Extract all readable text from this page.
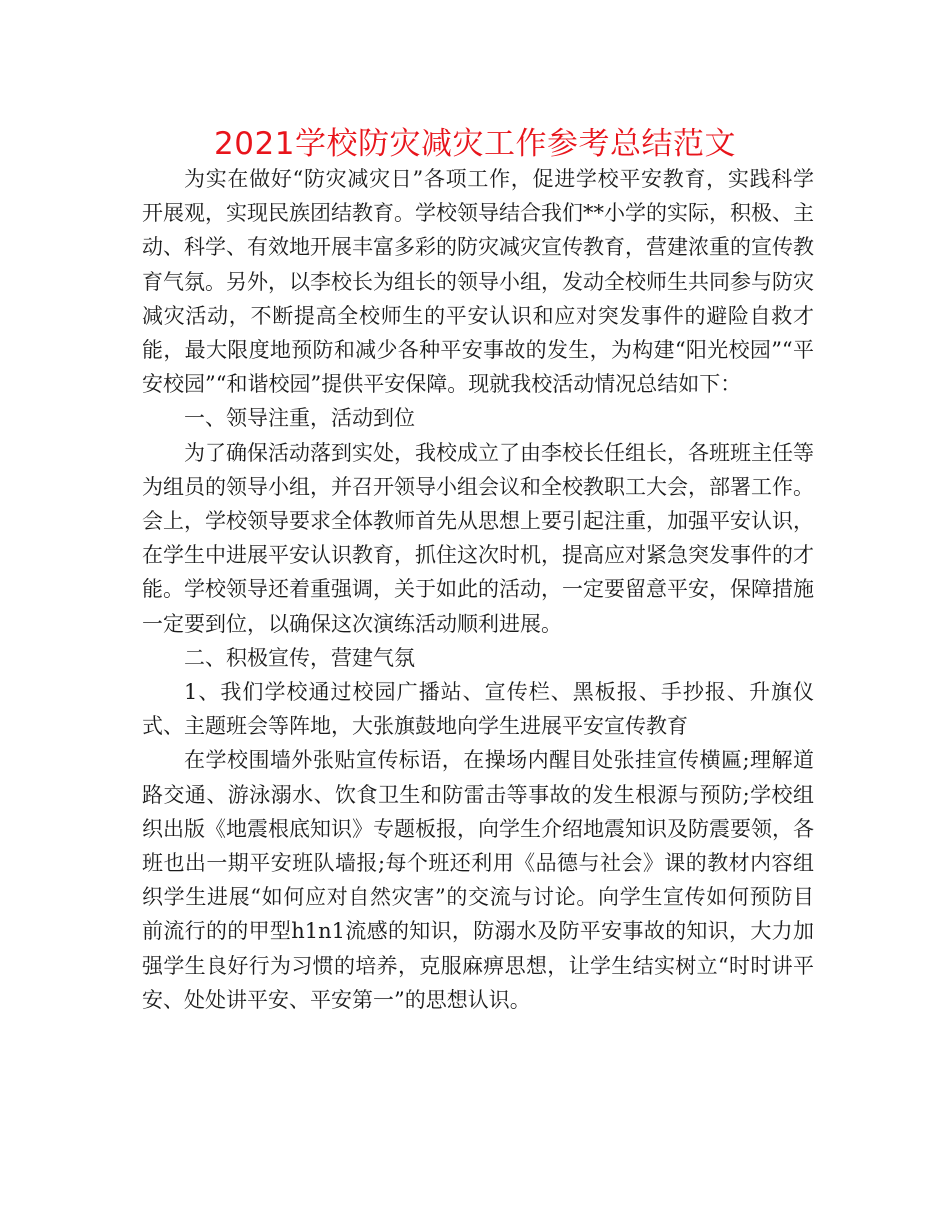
2021学校防灾减灾工作参考总结范文

为实在做好“防灾减灾日”各项工作，促进学校平安教育，实践科学开展观，实现民族团结教育。学校领导结合我们**小学的实际，积极、主动、科学、有效地开展丰富多彩的防灾减灾宣传教育，营建浓重的宣传教育气氛。另外，以李校长为组长的领导小组，发动全校师生共同参与防灾减灾活动，不断提高全校师生的平安认识和应对突发事件的避险自救才能，最大限度地预防和减少各种平安事故的发生，为构建“阳光校园”“平安校园”“和谐校园”提供平安保障。现就我校活动情况总结如下：

一、领导注重，活动到位

为了确保活动落到实处，我校成立了由李校长任组长，各班班主任等为组员的领导小组，并召开领导小组会议和全校教职工大会，部署工作。会上，学校领导要求全体教师首先从思想上要引起注重，加强平安认识，在学生中进展平安认识教育，抓住这次时机，提高应对紧急突发事件的才能。学校领导还着重强调，关于如此的活动，一定要留意平安，保障措施一定要到位，以确保这次演练活动顺利进展。

二、积极宣传，营建气氛

1、我们学校通过校园广播站、宣传栏、黑板报、手抄报、升旗仪式、主题班会等阵地，大张旗鼓地向学生进展平安宣传教育

在学校围墙外张贴宣传标语，在操场内醒目处张挂宣传横匾;理解道路交通、游泳溺水、饮食卫生和防雷击等事故的发生根源与预防;学校组织出版《地震根底知识》专题板报，向学生介绍地震知识及防震要领，各班也出一期平安班队墙报;每个班还利用《品德与社会》课的教材内容组织学生进展“如何应对自然灾害”的交流与讨论。向学生宣传如何预防目前流行的的甲型h1n1流感的知识，防溺水及防平安事故的知识，大力加强学生良好行为习惯的培养，克服麻痹思想，让学生结实树立“时时讲平安、处处讲平安、平安第一”的思想认识。
